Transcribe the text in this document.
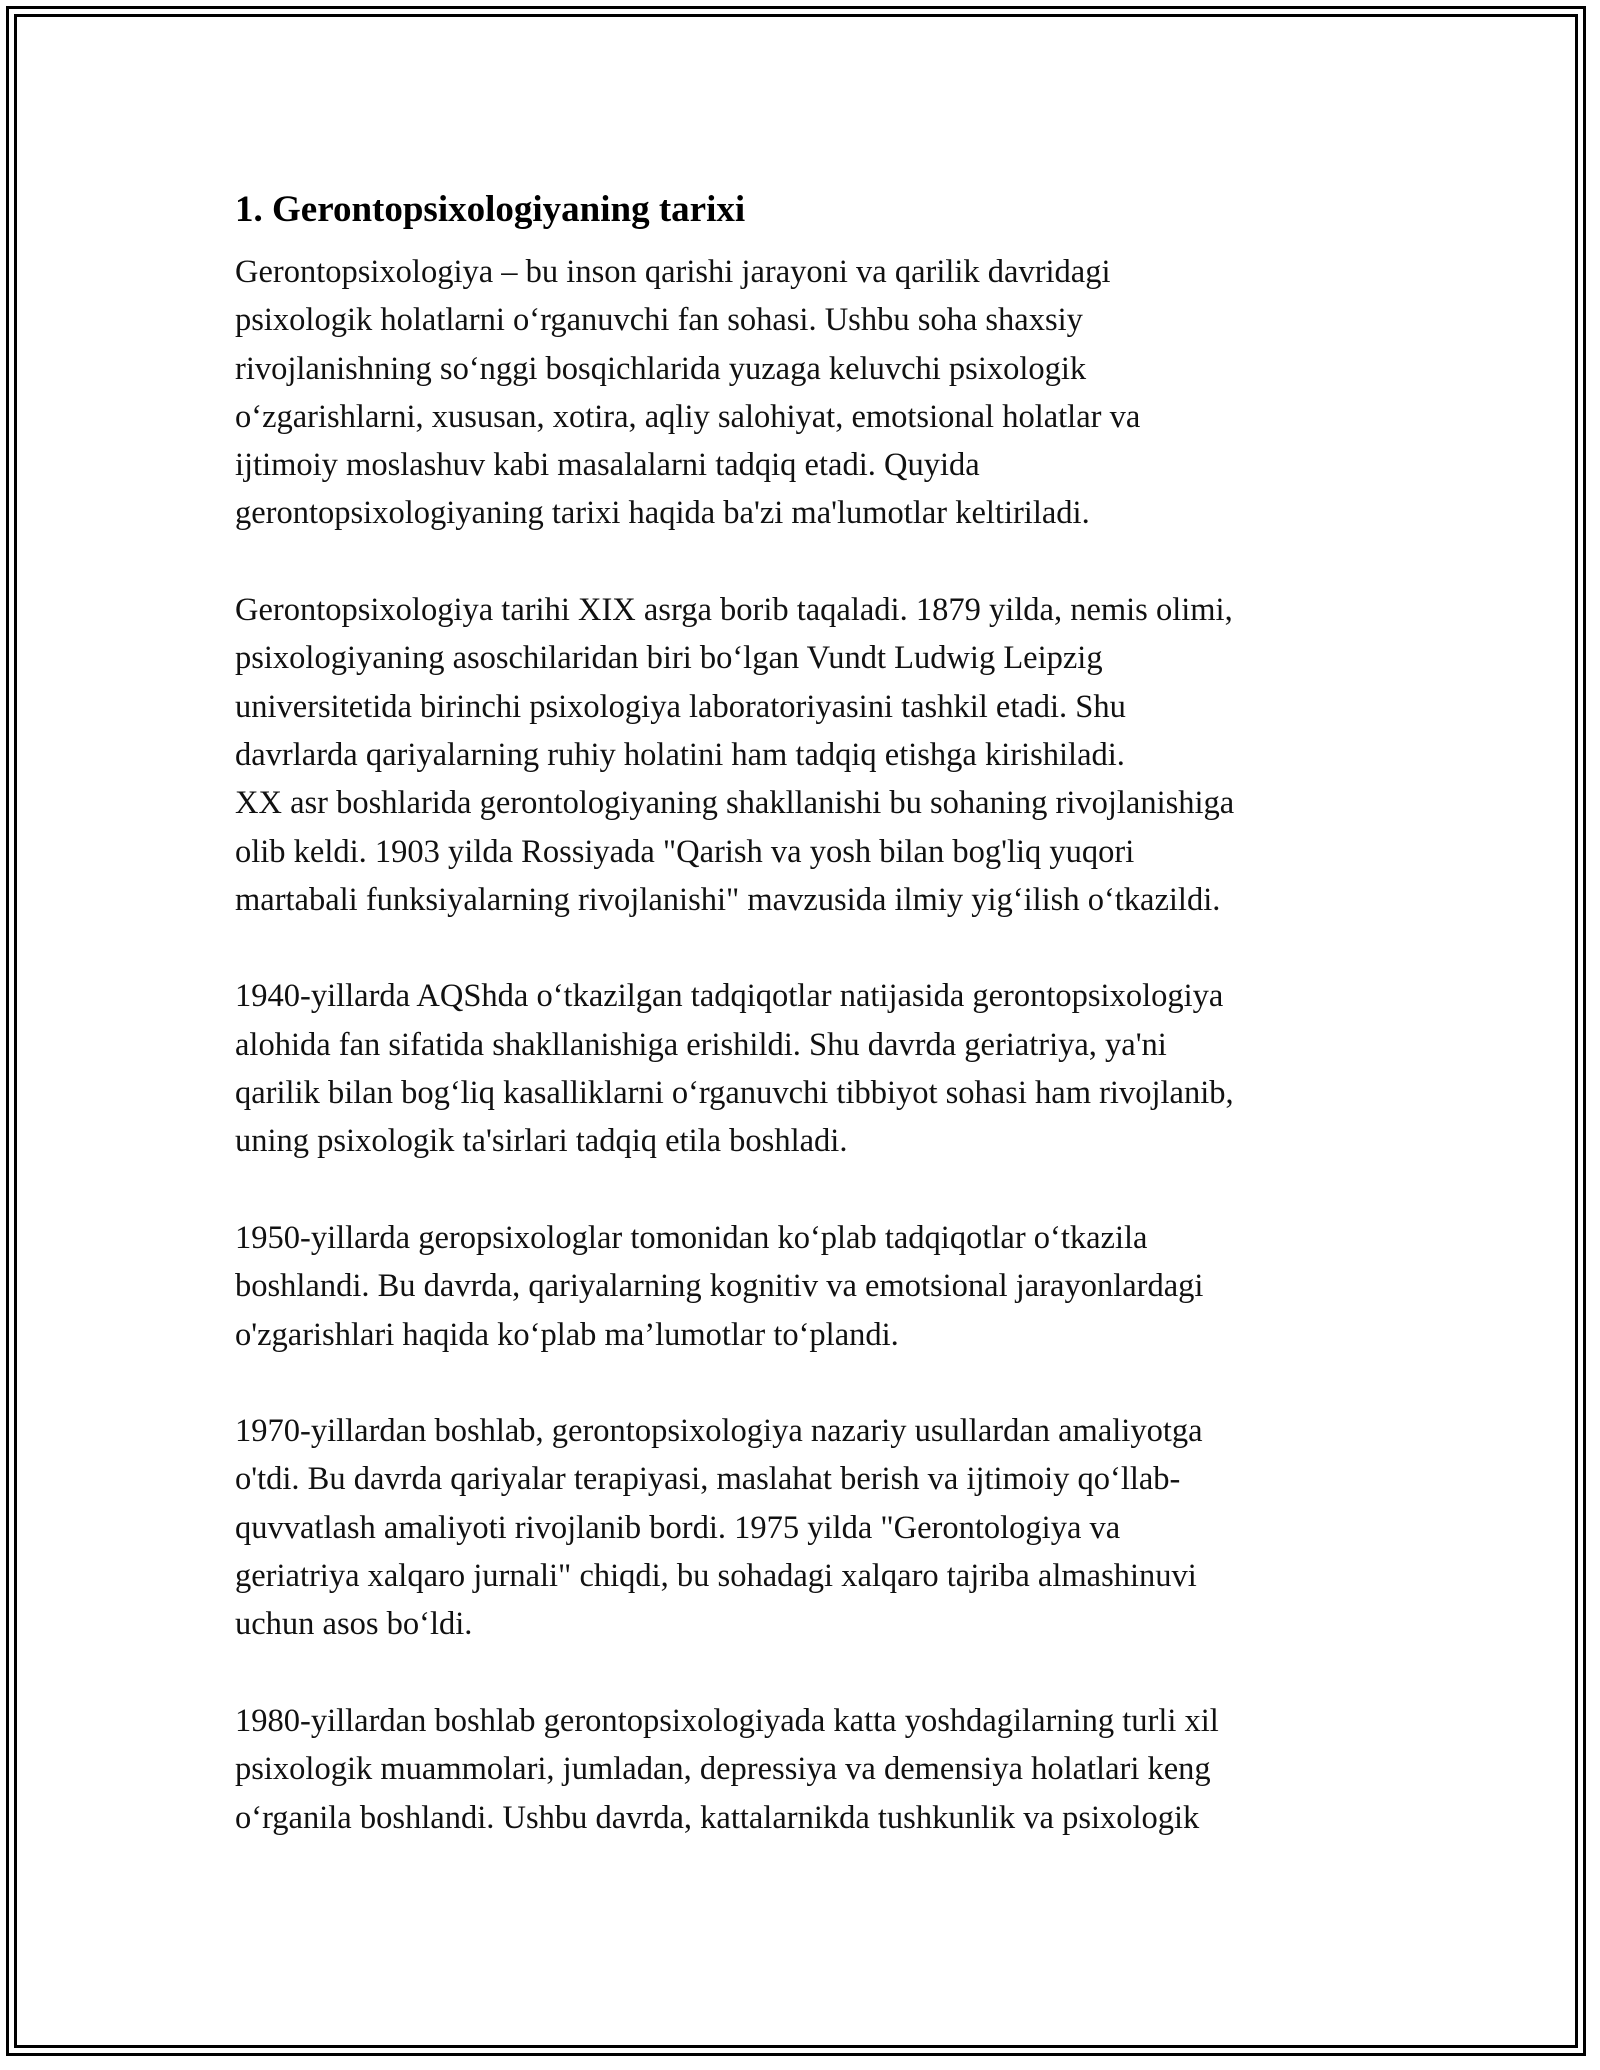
1. Gerontopsixologiyaning tarixi
Gerontopsixologiya – bu inson qarishi jarayoni va qarilik davridagi
psixologik holatlarni o‘rganuvchi fan sohasi. Ushbu soha shaxsiy
rivojlanishning so‘nggi bosqichlarida yuzaga keluvchi psixologik
o‘zgarishlarni, xususan, xotira, aqliy salohiyat, emotsional holatlar va
ijtimoiy moslashuv kabi masalalarni tadqiq etadi. Quyida
gerontopsixologiyaning tarixi haqida ba'zi ma'lumotlar keltiriladi.
Gerontopsixologiya tarihi XIX asrga borib taqaladi. 1879 yilda, nemis olimi,
psixologiyaning asoschilaridan biri bo‘lgan Vundt Ludwig Leipzig
universitetida birinchi psixologiya laboratoriyasini tashkil etadi. Shu
davrlarda qariyalarning ruhiy holatini ham tadqiq etishga kirishiladi.
XX asr boshlarida gerontologiyaning shakllanishi bu sohaning rivojlanishiga
olib keldi. 1903 yilda Rossiyada "Qarish va yosh bilan bog'liq yuqori
martabali funksiyalarning rivojlanishi" mavzusida ilmiy yig‘ilish o‘tkazildi.
1940-yillarda AQShda o‘tkazilgan tadqiqotlar natijasida gerontopsixologiya
alohida fan sifatida shakllanishiga erishildi. Shu davrda geriatriya, ya'ni
qarilik bilan bog‘liq kasalliklarni o‘rganuvchi tibbiyot sohasi ham rivojlanib,
uning psixologik ta'sirlari tadqiq etila boshladi.
1950-yillarda geropsixologlar tomonidan ko‘plab tadqiqotlar o‘tkazila
boshlandi. Bu davrda, qariyalarning kognitiv va emotsional jarayonlardagi
o'zgarishlari haqida ko‘plab ma’lumotlar to‘plandi.
1970-yillardan boshlab, gerontopsixologiya nazariy usullardan amaliyotga
o'tdi. Bu davrda qariyalar terapiyasi, maslahat berish va ijtimoiy qo‘llab-
quvvatlash amaliyoti rivojlanib bordi. 1975 yilda "Gerontologiya va
geriatriya xalqaro jurnali" chiqdi, bu sohadagi xalqaro tajriba almashinuvi
uchun asos bo‘ldi.
1980-yillardan boshlab gerontopsixologiyada katta yoshdagilarning turli xil
psixologik muammolari, jumladan, depressiya va demensiya holatlari keng
o‘rganila boshlandi. Ushbu davrda, kattalarnikda tushkunlik va psixologik
